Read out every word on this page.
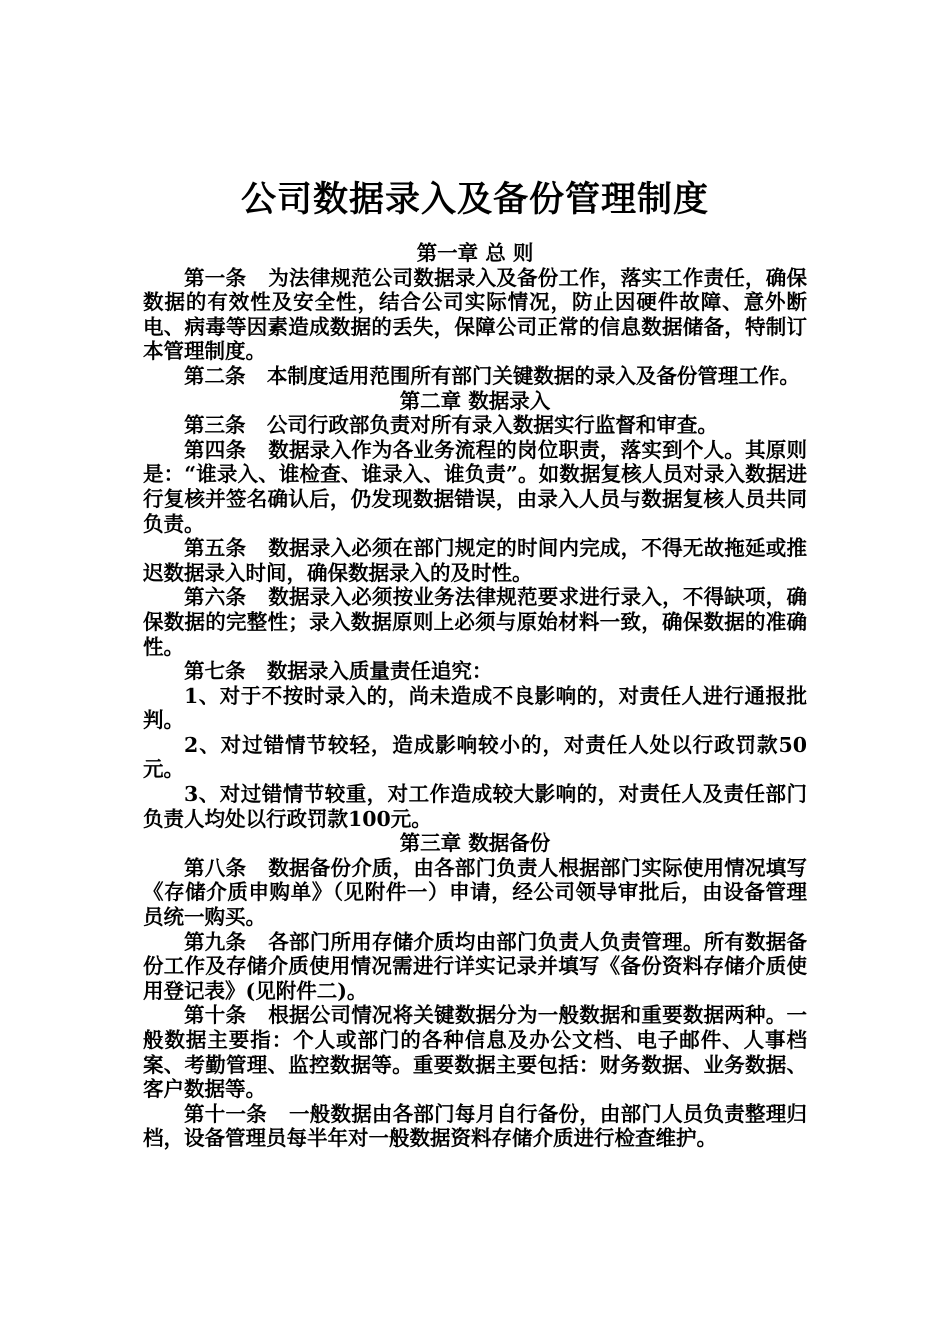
公司数据录入及备份管理制度
第一章 总 则
第一条   为法律规范公司数据录入及备份工作，落实工作责任，确保数据的有效性及安全性，结合公司实际情况，防止因硬件故障、意外断电、病毒等因素造成数据的丢失，保障公司正常的信息数据储备，特制订本管理制度。
第二条   本制度适用范围所有部门关键数据的录入及备份管理工作。
第二章 数据录入
第三条   公司行政部负责对所有录入数据实行监督和审查。
第四条   数据录入作为各业务流程的岗位职责，落实到个人。其原则是：“谁录入、谁检查、谁录入、谁负责”。如数据复核人员对录入数据进行复核并签名确认后，仍发现数据错误，由录入人员与数据复核人员共同负责。
第五条   数据录入必须在部门规定的时间内完成，不得无故拖延或推迟数据录入时间，确保数据录入的及时性。
第六条   数据录入必须按业务法律规范要求进行录入，不得缺项，确保数据的完整性；录入数据原则上必须与原始材料一致，确保数据的准确性。
第七条   数据录入质量责任追究：
1、对于不按时录入的，尚未造成不良影响的，对责任人进行通报批判。
2、对过错情节较轻，造成影响较小的，对责任人处以行政罚款50元。
3、对过错情节较重，对工作造成较大影响的，对责任人及责任部门负责人均处以行政罚款100元。
第三章 数据备份
第八条   数据备份介质，由各部门负责人根据部门实际使用情况填写《存储介质申购单》（见附件一）申请，经公司领导审批后，由设备管理员统一购买。
第九条   各部门所用存储介质均由部门负责人负责管理。所有数据备份工作及存储介质使用情况需进行详实记录并填写《备份资料存储介质使用登记表》(见附件二)。
第十条   根据公司情况将关键数据分为一般数据和重要数据两种。一般数据主要指：个人或部门的各种信息及办公文档、电子邮件、人事档案、考勤管理、监控数据等。重要数据主要包括：财务数据、业务数据、客户数据等。
第十一条   一般数据由各部门每月自行备份，由部门人员负责整理归档，设备管理员每半年对一般数据资料存储介质进行检查维护。
